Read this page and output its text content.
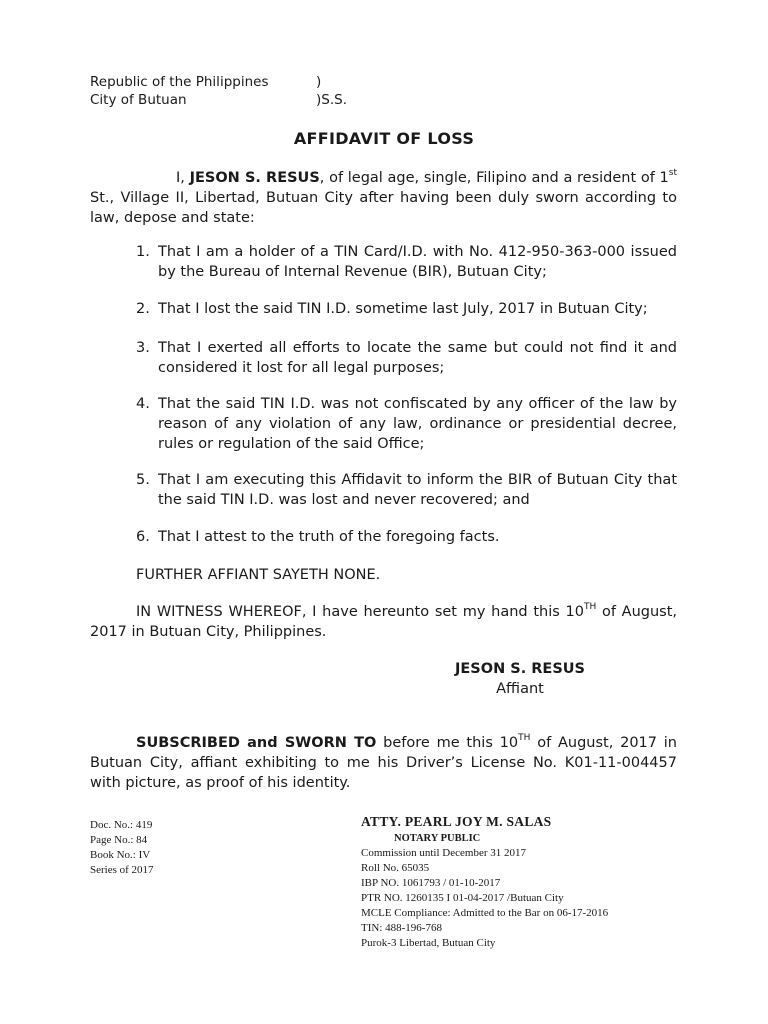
Republic of the Philippines	)
City of Butuan	)S.S.
AFFIDAVIT OF LOSS
I, JESON S. RESUS, of legal age, single, Filipino and a resident of 1st St., Village II, Libertad, Butuan City after having been duly sworn according to law, depose and state:
1. That I am a holder of a TIN Card/I.D. with No. 412-950-363-000 issued by the Bureau of Internal Revenue (BIR), Butuan City;
2. That I lost the said TIN I.D. sometime last July, 2017 in Butuan City;
3. That I exerted all efforts to locate the same but could not find it and considered it lost for all legal purposes;
4. That the said TIN I.D. was not confiscated by any officer of the law by reason of any violation of any law, ordinance or presidential decree, rules or regulation of the said Office;
5. That I am executing this Affidavit to inform the BIR of Butuan City that the said TIN I.D. was lost and never recovered; and
6. That I attest to the truth of the foregoing facts.
FURTHER AFFIANT SAYETH NONE.
IN WITNESS WHEREOF, I have hereunto set my hand this 10TH of August, 2017 in Butuan City, Philippines.
JESON S. RESUS
Affiant
SUBSCRIBED and SWORN TO before me this 10TH of August, 2017 in Butuan City, affiant exhibiting to me his Driver’s License No. K01-11-004457 with picture, as proof of his identity.
Doc. No.: 419
Page No.: 84
Book No.: IV
Series of 2017
ATTY. PEARL JOY M. SALAS
NOTARY PUBLIC
Commission until December 31 2017
Roll No. 65035
IBP NO. 1061793 / 01-10-2017
PTR NO. 1260135 I 01-04-2017 /Butuan City
MCLE Compliance: Admitted to the Bar on 06-17-2016
TIN: 488-196-768
Purok-3 Libertad, Butuan City
